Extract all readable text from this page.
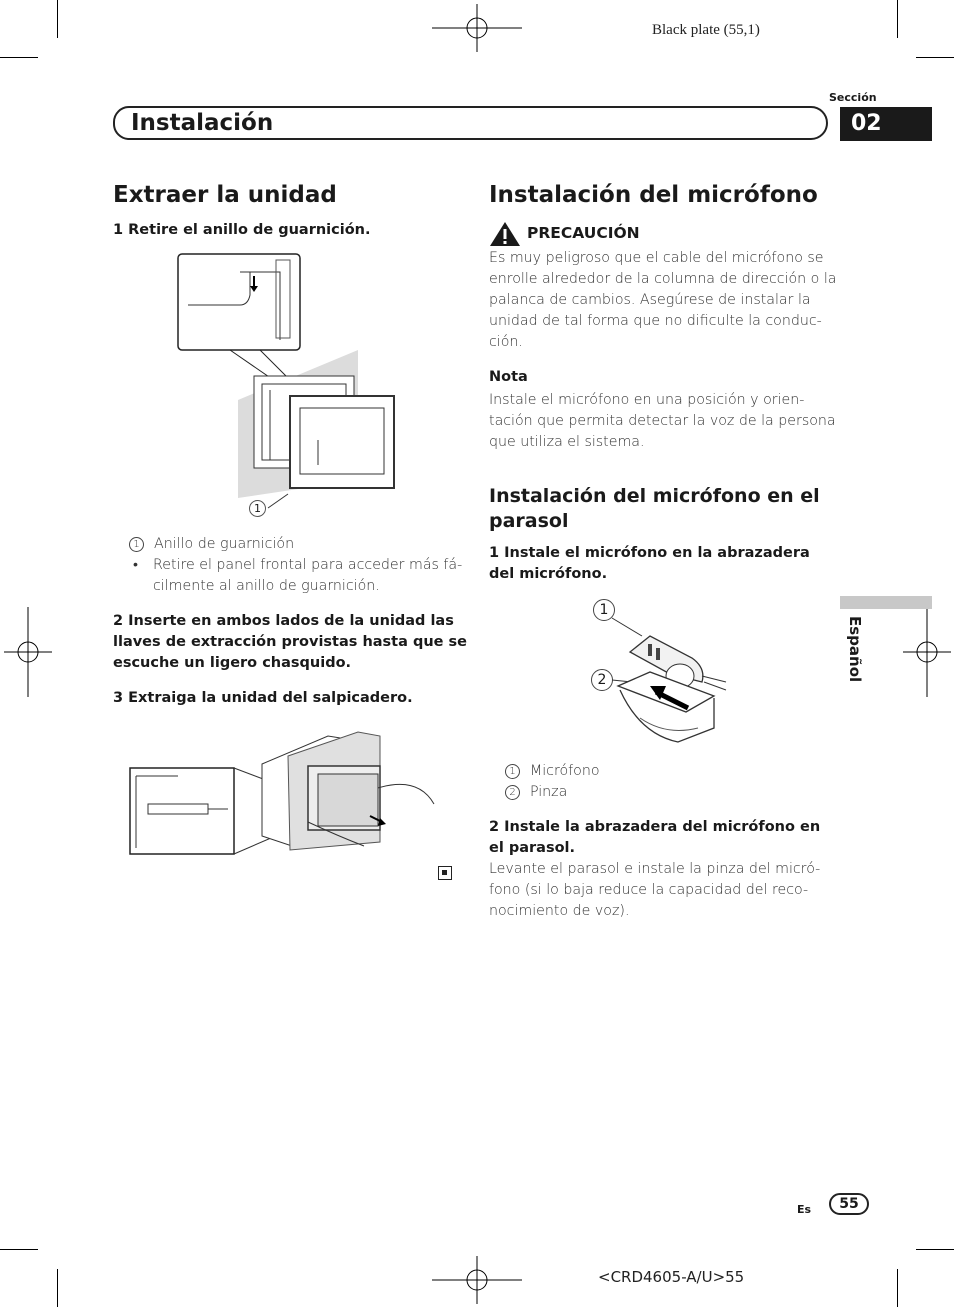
Black plate (55,1)
Sección
Instalación	02
Extraer la unidad
1 Retire el anillo de guarnición.
1
1 Anillo de guarnición
• Retire el panel frontal para acceder más fá-
cilmente al anillo de guarnición.
2 Inserte en ambos lados de la unidad las
llaves de extracción provistas hasta que se
escuche un ligero chasquido.
3 Extraiga la unidad del salpicadero.
Instalación del micrófono
PRECAUCIÓN
Es muy peligroso que el cable del micrófono se
enrolle alrededor de la columna de dirección o la
palanca de cambios. Asegúrese de instalar la
unidad de tal forma que no dificulte la conduc-
ción.
Nota
Instale el micrófono en una posición y orien-
tación que permita detectar la voz de la persona
que utiliza el sistema.
Instalación del micrófono en el
parasol
1 Instale el micrófono en la abrazadera
del micrófono.
1
2
1 Micrófono
2 Pinza
2 Instale la abrazadera del micrófono en
el parasol.
Levante el parasol e instale la pinza del micró-
fono (si lo baja reduce la capacidad del reco-
nocimiento de voz).
Español
Es	55
<CRD4605-A/U>55
